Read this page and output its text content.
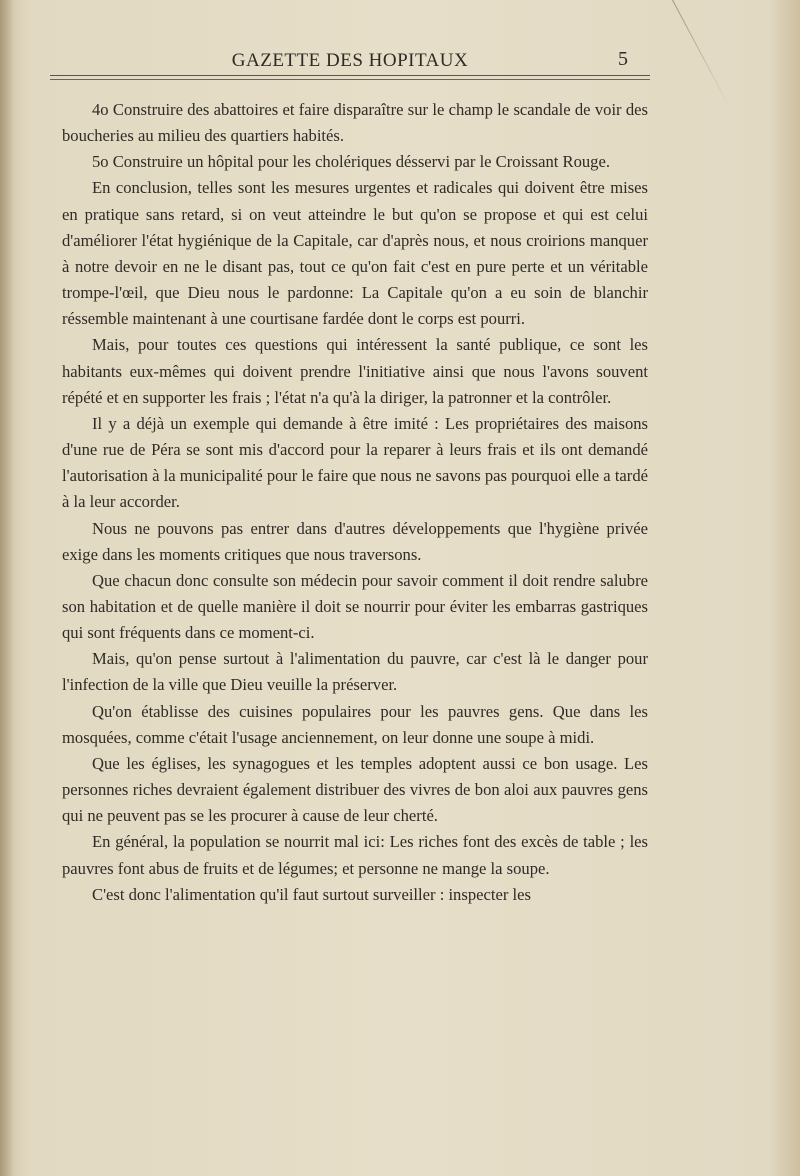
GAZETTE DES HOPITAUX	5

4o Construire des abattoires et faire disparaître sur le champ le scandale de voir des boucheries au milieu des quartiers habités.

5o Construire un hôpital pour les cholériques désservi par le Croissant Rouge.

En conclusion, telles sont les mesures urgentes et radicales qui doivent être mises en pratique sans retard, si on veut atteindre le but qu'on se propose et qui est celui d'améliorer l'état hygiénique de la Capitale, car d'après nous, et nous croirions manquer à notre devoir en ne le disant pas, tout ce qu'on fait c'est en pure perte et un véritable trompe-l'œil, que Dieu nous le pardonne: La Capitale qu'on a eu soin de blanchir réssemble maintenant à une courtisane fardée dont le corps est pourri.

Mais, pour toutes ces questions qui intéressent la santé publique, ce sont les habitants eux-mêmes qui doivent prendre l'initiative ainsi que nous l'avons souvent répété et en supporter les frais ; l'état n'a qu'à la diriger, la patronner et la contrôler.

Il y a déjà un exemple qui demande à être imité : Les propriétaires des maisons d'une rue de Péra se sont mis d'accord pour la reparer à leurs frais et ils ont demandé l'autorisation à la municipalité pour le faire que nous ne savons pas pourquoi elle a tardé à la leur accorder.

Nous ne pouvons pas entrer dans d'autres développements que l'hygiène privée exige dans les moments critiques que nous traversons.

Que chacun donc consulte son médecin pour savoir comment il doit rendre salubre son habitation et de quelle manière il doit se nourrir pour éviter les embarras gastriques qui sont fréquents dans ce moment-ci.

Mais, qu'on pense surtout à l'alimentation du pauvre, car c'est là le danger pour l'infection de la ville que Dieu veuille la préserver.

Qu'on établisse des cuisines populaires pour les pauvres gens. Que dans les mosquées, comme c'était l'usage anciennement, on leur donne une soupe à midi.

Que les églises, les synagogues et les temples adoptent aussi ce bon usage. Les personnes riches devraient également distribuer des vivres de bon aloi aux pauvres gens qui ne peuvent pas se les procurer à cause de leur cherté.

En général, la population se nourrit mal ici: Les riches font des excès de table ; les pauvres font abus de fruits et de légumes; et personne ne mange la soupe.

C'est donc l'alimentation qu'il faut surtout surveiller : inspecter les
